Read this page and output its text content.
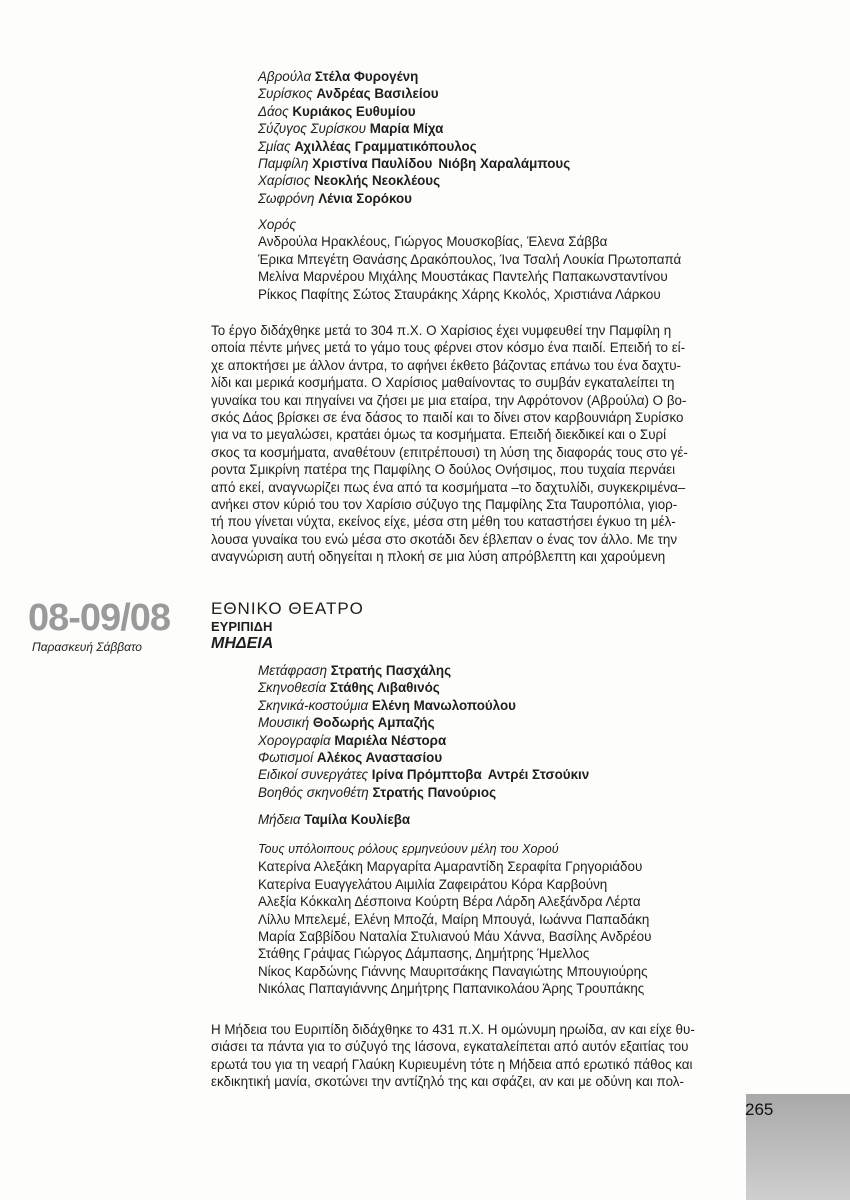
Αβρούλα Στέλα Φυρογένη
Συρίσκος Ανδρέας Βασιλείου
Δάος Κυριάκος Ευθυμίου
Σύζυγος Συρίσκου Μαρία Μίχα
Σμίας Αχιλλέας Γραμματικόπουλος
Παμφίλη Χριστίνα Παυλίδου Νιόβη Χαραλάμπους
Χαρίσιος Νεοκλής Νεοκλέους
Σωφρόνη Λένια Σορόκου
Χορός
Ανδρούλα Ηρακλέους, Γιώργος Μουσκοβίας, Έλενα Σάββα
Έρικα Μπεγέτη Θανάσης Δρακόπουλος, Ίνα Τσαλή Λουκία Πρωτοπαπά
Μελίνα Μαρνέρου Μιχάλης Μουστάκας Παντελής Παπακωνσταντίνου
Ρίκκος Παφίτης Σώτος Σταυράκης Χάρης Κκολός, Χριστιάνα Λάρκου
Το έργο διδάχθηκε μετά το 304 π.Χ. Ο Χαρίσιος έχει νυμφευθεί την Παμφίλη η
οποία πέντε μήνες μετά το γάμο τους φέρνει στον κόσμο ένα παιδί. Επειδή το εί-
χε αποκτήσει με άλλον άντρα, το αφήνει έκθετο βάζοντας επάνω του ένα δαχτυ-
λίδι και μερικά κοσμήματα. Ο Χαρίσιος μαθαίνοντας το συμβάν εγκαταλείπει τη
γυναίκα του και πηγαίνει να ζήσει με μια εταίρα, την Αφρότονον (Αβρούλα) Ο βο-
σκός Δάος βρίσκει σε ένα δάσος το παιδί και το δίνει στον καρβουνιάρη Συρίσκο
για να το μεγαλώσει, κρατάει όμως τα κοσμήματα. Επειδή διεκδικεί και ο Συρί
σκος τα κοσμήματα, αναθέτουν (επιτρέπουσι) τη λύση της διαφοράς τους στο γέ-
ροντα Σμικρίνη πατέρα της Παμφίλης Ο δούλος Ονήσιμος, που τυχαία περνάει
από εκεί, αναγνωρίζει πως ένα από τα κοσμήματα –το δαχτυλίδι, συγκεκριμένα–
ανήκει στον κύριό του τον Χαρίσιο σύζυγο της Παμφίλης Στα Ταυροπόλια, γιορ-
τή που γίνεται νύχτα, εκείνος είχε, μέσα στη μέθη του καταστήσει έγκυο τη μέλ-
λουσα γυναίκα του ενώ μέσα στο σκοτάδι δεν έβλεπαν ο ένας τον άλλο. Με την
αναγνώριση αυτή οδηγείται η πλοκή σε μια λύση απρόβλεπτη και χαρούμενη
08-09/08
Παρασκευή Σάββατο
ΕΘΝΙΚΟ ΘΕΑΤΡΟ
ΕΥΡΙΠΙΔΗ
ΜΗΔΕΙΑ
Μετάφραση Στρατής Πασχάλης
Σκηνοθεσία Στάθης Λιβαθινός
Σκηνικά-κοστούμια Ελένη Μανωλοπούλου
Μουσική Θοδωρής Αμπαζής
Χορογραφία Μαριέλα Νέστορα
Φωτισμοί Αλέκος Αναστασίου
Ειδικοί συνεργάτες Ιρίνα Πρόμπτοβα Αντρέι Στσούκιν
Βοηθός σκηνοθέτη Στρατής Πανούριος
Μήδεια Ταμίλα Κουλίεβα
Τους υπόλοιπους ρόλους ερμηνεύουν μέλη του Χορού
Κατερίνα Αλεξάκη Μαργαρίτα Αμαραντίδη Σεραφίτα Γρηγοριάδου
Κατερίνα Ευαγγελάτου Αιμιλία Ζαφειράτου Κόρα Καρβούνη
Αλεξία Κόκκαλη Δέσποινα Κούρτη Βέρα Λάρδη Αλεξάνδρα Λέρτα
Λίλλυ Μπελεμέ, Ελένη Μποζά, Μαίρη Μπουγά, Ιωάννα Παπαδάκη
Μαρία Σαββίδου Ναταλία Στυλιανού Μάυ Χάννα, Βασίλης Ανδρέου
Στάθης Γράψας Γιώργος Δάμπασης, Δημήτρης Ήμελλος
Νίκος Καρδώνης Γιάννης Μαυριτσάκης Παναγιώτης Μπουγιούρης
Νικόλας Παπαγιάννης Δημήτρης Παπανικολάου Άρης Τρουπάκης
Η Μήδεια του Ευριπίδη διδάχθηκε το 431 π.Χ. Η ομώνυμη ηρωίδα, αν και είχε θυ-
σιάσει τα πάντα για το σύζυγό της Ιάσονα, εγκαταλείπεται από αυτόν εξαιτίας του
ερωτά του για τη νεαρή Γλαύκη Κυριευμένη τότε η Μήδεια από ερωτικό πάθος και
εκδικητική μανία, σκοτώνει την αντίζηλό της και σφάζει, αν και με οδύνη και πολ-
265
